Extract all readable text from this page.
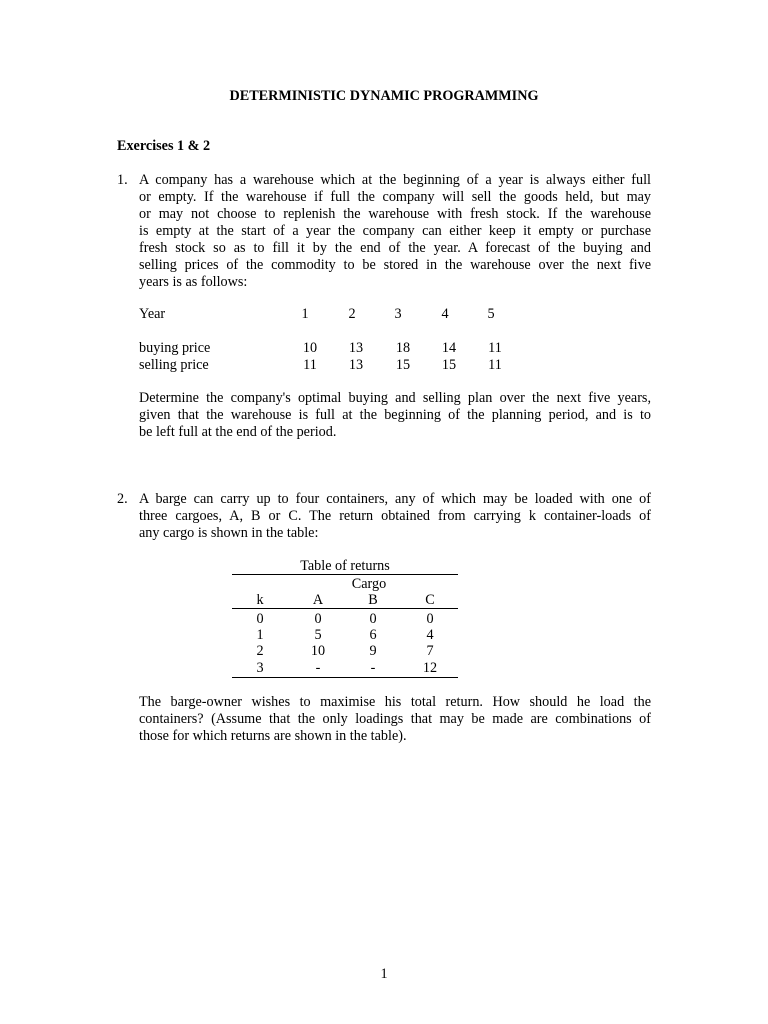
DETERMINISTIC DYNAMIC PROGRAMMING
Exercises 1 & 2
1. A company has a warehouse which at the beginning of a year is always either full
or empty. If the warehouse if full the company will sell the goods held, but may
or may not choose to replenish the warehouse with fresh stock. If the warehouse
is empty at the start of a year the company can either keep it empty or purchase
fresh stock so as to fill it by the end of the year. A forecast of the buying and
selling prices of the commodity to be stored in the warehouse over the next five
years is as follows:
Year	1	2	3	4	5
buying price	10	13	18	14	11
selling price	11	13	15	15	11
Determine the company's optimal buying and selling plan over the next five years,
given that the warehouse is full at the beginning of the planning period, and is to
be left full at the end of the period.
2. A barge can carry up to four containers, any of which may be loaded with one of
three cargoes, A, B or C. The return obtained from carrying k container-loads of
any cargo is shown in the table:
Table of returns
Cargo
k	A	B	C
0	0	0	0
1	5	6	4
2	10	9	7
3	-	-	12
The barge-owner wishes to maximise his total return. How should he load the
containers? (Assume that the only loadings that may be made are combinations of
those for which returns are shown in the table).
1
